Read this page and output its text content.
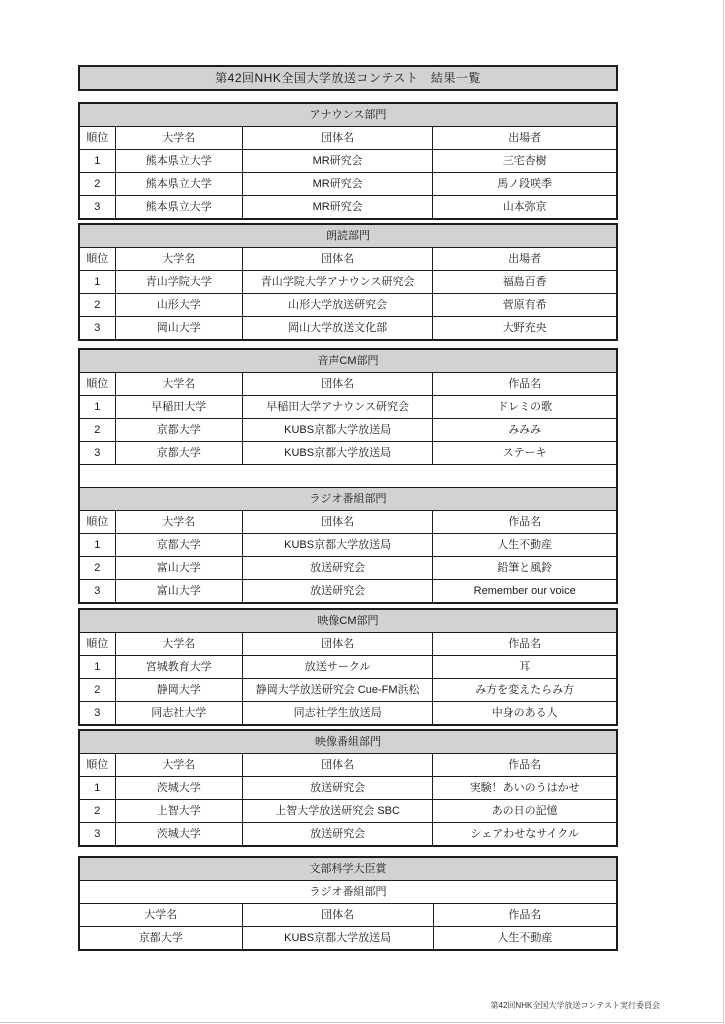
第42回NHK全国大学放送コンテスト　結果一覧
アナウンス部門
順位	大学名	団体名	出場者
1	熊本県立大学	MR研究会	三宅杏樹
2	熊本県立大学	MR研究会	馬ノ段咲季
3	熊本県立大学	MR研究会	山本弥京
朗読部門
順位	大学名	団体名	出場者
1	青山学院大学	青山学院大学アナウンス研究会	福島百香
2	山形大学	山形大学放送研究会	菅原有希
3	岡山大学	岡山大学放送文化部	大野充央
音声CM部門
順位	大学名	団体名	作品名
1	早稲田大学	早稲田大学アナウンス研究会	ドレミの歌
2	京都大学	KUBS京都大学放送局	みみみ
3	京都大学	KUBS京都大学放送局	ステーキ
ラジオ番組部門
順位	大学名	団体名	作品名
1	京都大学	KUBS京都大学放送局	人生不動産
2	富山大学	放送研究会	鉛筆と風鈴
3	富山大学	放送研究会	Remember our voice
映像CM部門
順位	大学名	団体名	作品名
1	宮城教育大学	放送サークル	耳
2	静岡大学	静岡大学放送研究会 Cue-FM浜松	み方を変えたらみ方
3	同志社大学	同志社学生放送局	中身のある人
映像番組部門
順位	大学名	団体名	作品名
1	茨城大学	放送研究会	実験！あいのうはかせ
2	上智大学	上智大学放送研究会 SBC	あの日の記憶
3	茨城大学	放送研究会	シェアわせなサイクル
文部科学大臣賞
ラジオ番組部門
大学名	団体名	作品名
京都大学	KUBS京都大学放送局	人生不動産
第42回NHK全国大学放送コンテスト実行委員会
